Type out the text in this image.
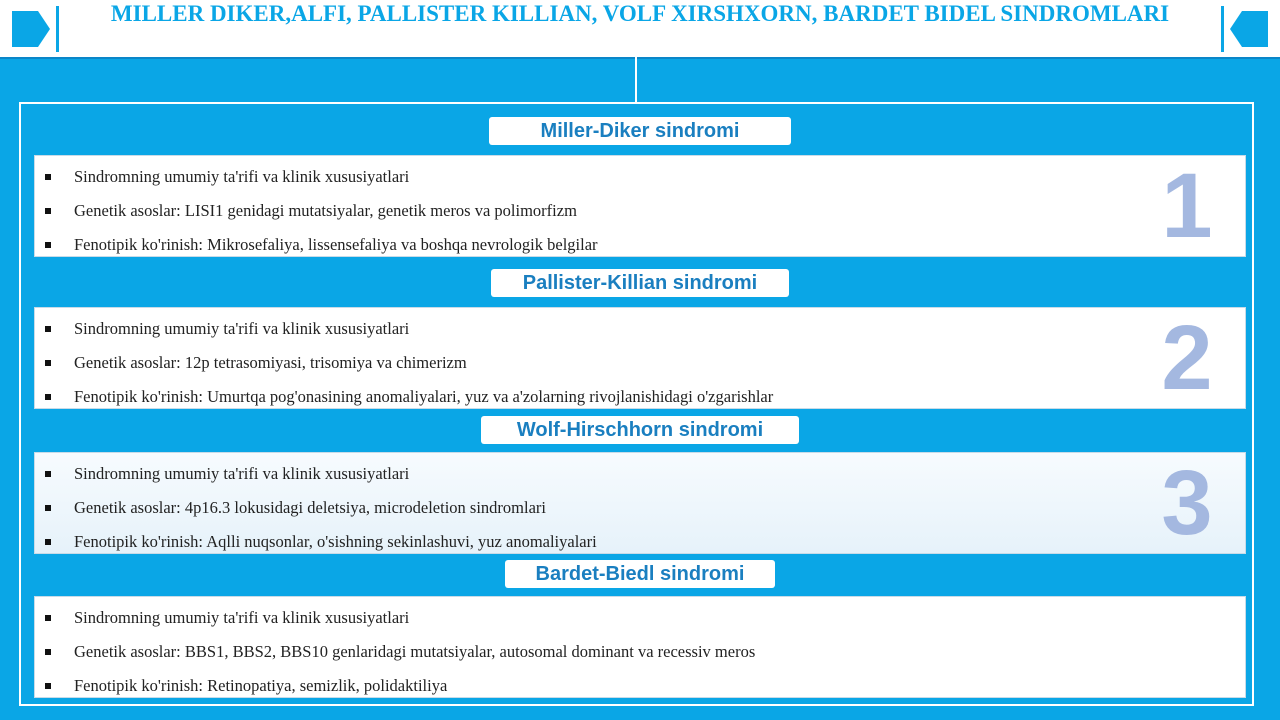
MILLER DIKER,ALFI, PALLISTER KILLIAN, VOLF XIRSHXORN, BARDET BIDEL SINDROMLARI
Miller-Diker sindromi
Sindromning umumiy ta'rifi va klinik xususiyatlari
Genetik asoslar: LISI1 genidagi mutatsiyalar, genetik meros va polimorfizm
Fenotipik ko'rinish: Mikrosefaliya, lissensefaliya va boshqa nevrologik belgilar	1
Pallister-Killian sindromi
Sindromning umumiy ta'rifi va klinik xususiyatlari
Genetik asoslar: 12p tetrasomiyasi, trisomiya va chimerizm
Fenotipik ko'rinish: Umurtqa pog'onasining anomaliyalari, yuz va a'zolarning rivojlanishidagi o'zgarishlar	2
Wolf-Hirschhorn sindromi
Sindromning umumiy ta'rifi va klinik xususiyatlari
Genetik asoslar: 4p16.3 lokusidagi deletsiya, microdeletion sindromlari
Fenotipik ko'rinish: Aqlli nuqsonlar, o'sishning sekinlashuvi, yuz anomaliyalari	3
Bardet-Biedl sindromi
Sindromning umumiy ta'rifi va klinik xususiyatlari
Genetik asoslar: BBS1, BBS2, BBS10 genlaridagi mutatsiyalar, autosomal dominant va recessiv meros
Fenotipik ko'rinish: Retinopatiya, semizlik, polidaktiliya
